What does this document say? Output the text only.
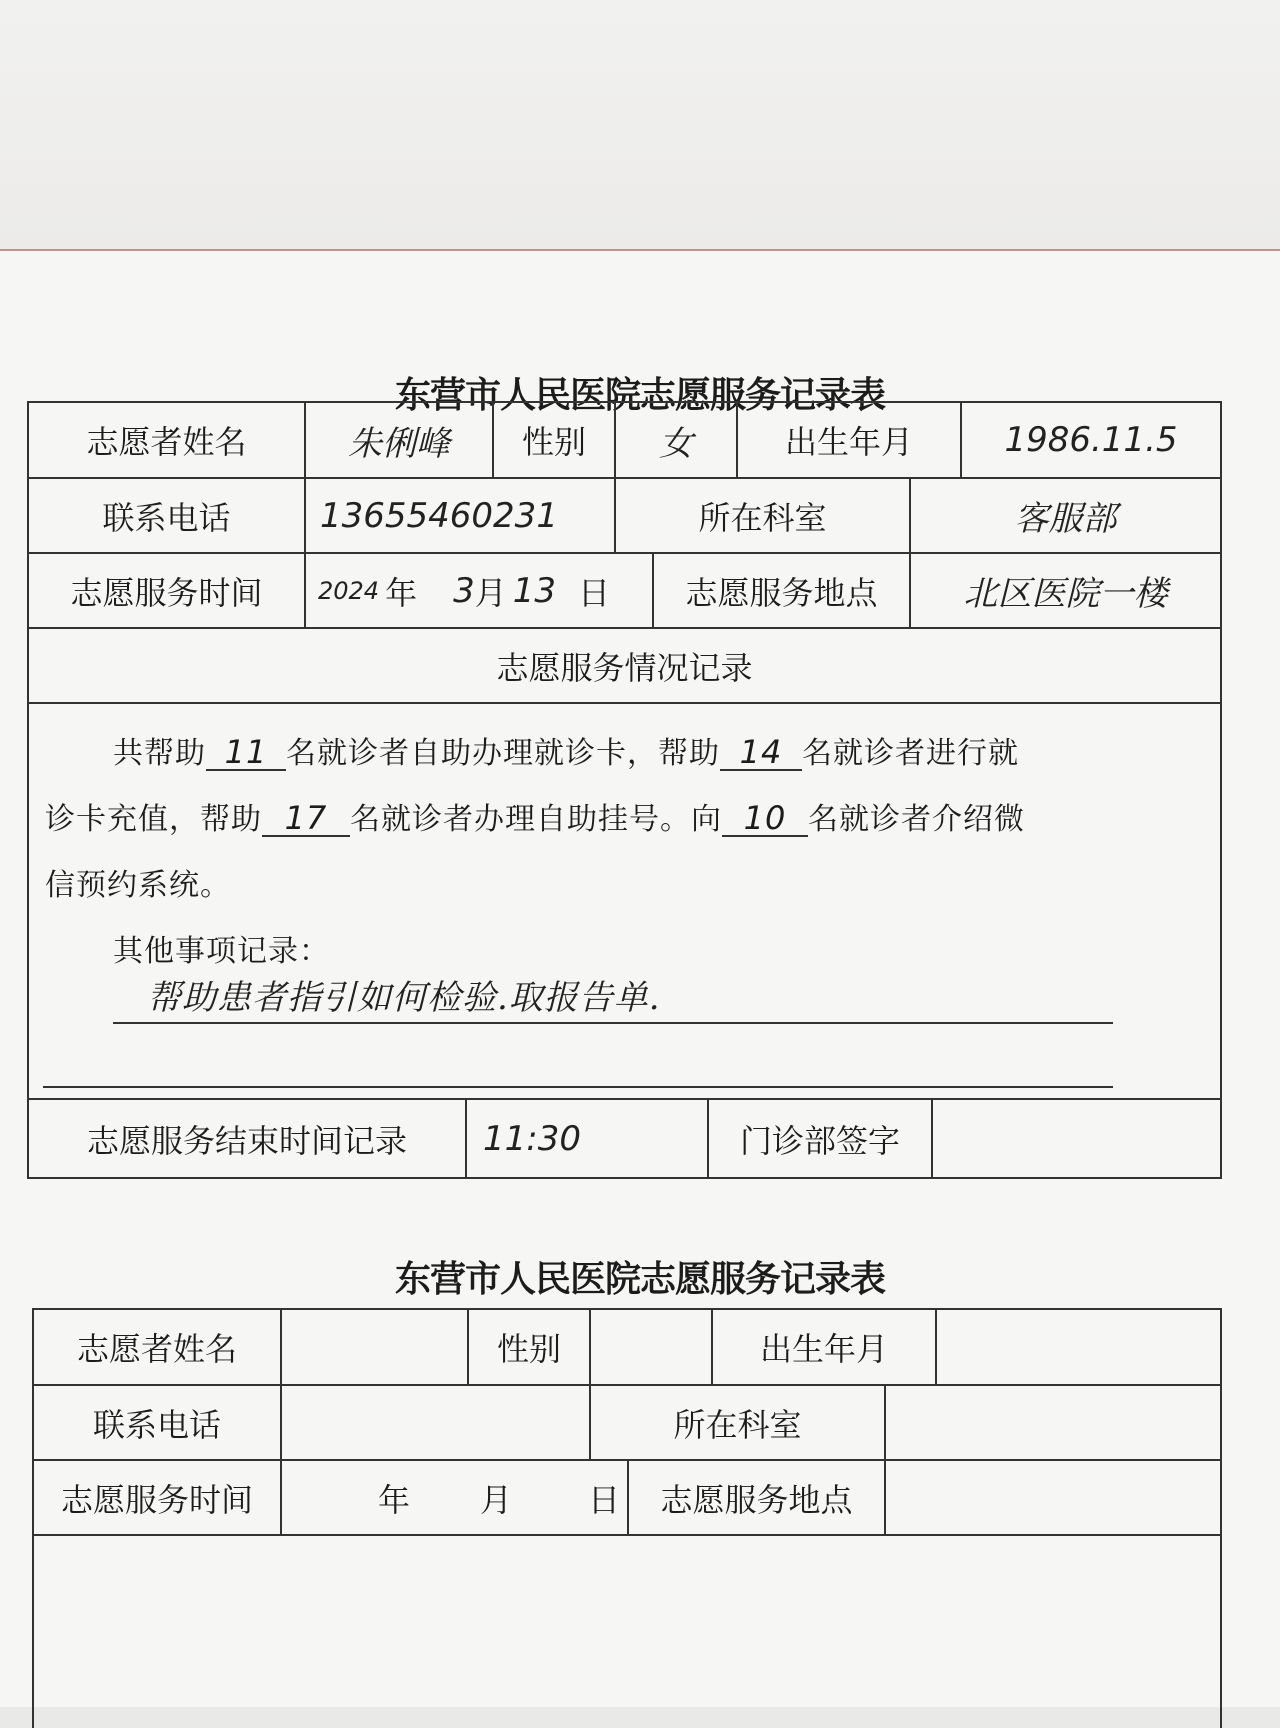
东营市人民医院志愿服务记录表
志愿者姓名	朱俐峰	性别	女	出生年月	1986.11.5
联系电话	13655460231	所在科室	客服部
志愿服务时间	2024 年 3 月 13 日	志愿服务地点	北区医院一楼
志愿服务情况记录
共帮助 11 名就诊者自助办理就诊卡，帮助 14 名就诊者进行就
诊卡充值，帮助 17 名就诊者办理自助挂号。向 10 名就诊者介绍微
信预约系统。
其他事项记录：
帮助患者指引如何检验.取报告单.
志愿服务结束时间记录	11:30	门诊部签字
东营市人民医院志愿服务记录表
志愿者姓名	性别	出生年月
联系电话	所在科室
志愿服务时间	年 月 日	志愿服务地点
